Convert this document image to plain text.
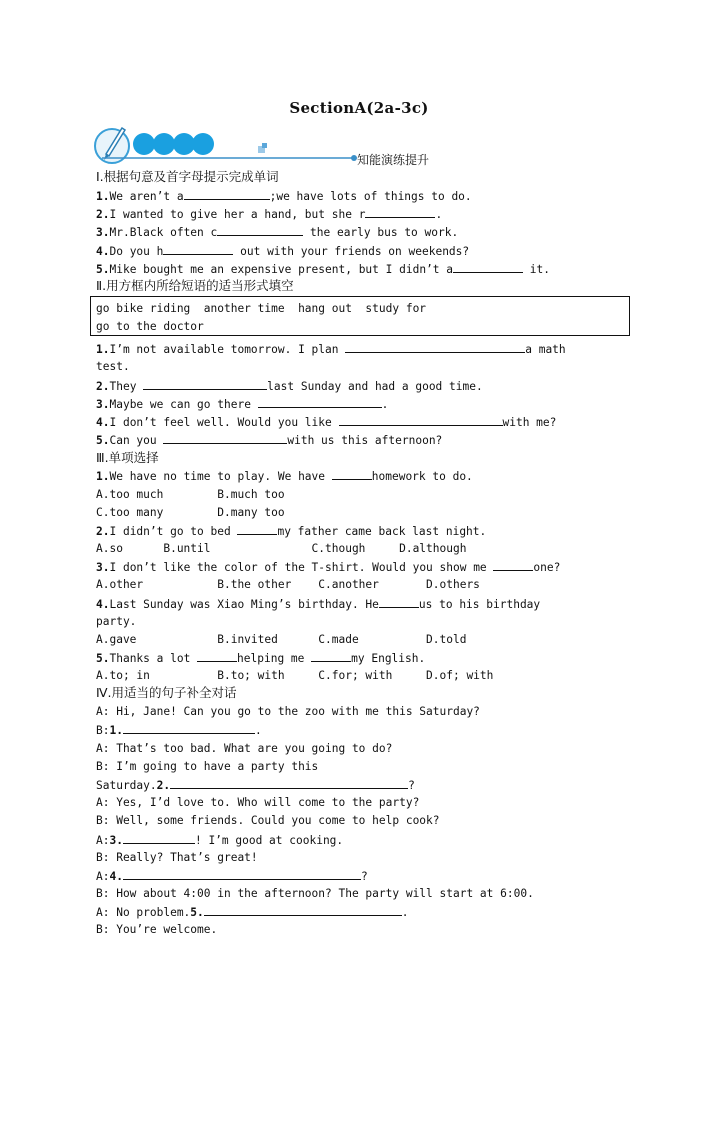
SectionA(2a-3c)
知能演练提升
Ⅰ.根据句意及首字母提示完成单词
1.We aren’t a	;we have lots of things to do.
2.I wanted to give her a hand, but she r	.
3.Mr.Black often c	the early bus to work.
4.Do you h	out with your friends on weekends?
5.Mike bought me an expensive present, but I didn’t a	it.
Ⅱ.用方框内所给短语的适当形式填空
go bike riding  another time  hang out  study for
go to the doctor
1.I’m not available tomorrow. I plan	a math
test.
2.They	last Sunday and had a good time.
3.Maybe we can go there	.
4.I don’t feel well. Would you like	with me?
5.Can you	with us this afternoon?
Ⅲ.单项选择
1.We have no time to play. We have	homework to do.
A.too much        B.much too
C.too many        D.many too
2.I didn’t go to bed	my father came back last night.
A.so      B.until               C.though     D.although
3.I don’t like the color of the T-shirt. Would you show me	one?
A.other           B.the other    C.another       D.others
4.Last Sunday was Xiao Ming’s birthday. He	us to his birthday
party.
A.gave            B.invited      C.made          D.told
5.Thanks a lot	helping me	my English.
A.to; in          B.to; with     C.for; with     D.of; with
Ⅳ.用适当的句子补全对话
A: Hi, Jane! Can you go to the zoo with me this Saturday?
B:1.	.
A: That’s too bad. What are you going to do?
B: I’m going to have a party this
Saturday.2.	?
A: Yes, I’d love to. Who will come to the party?
B: Well, some friends. Could you come to help cook?
A:3.	! I’m good at cooking.
B: Really? That’s great!
A:4.	?
B: How about 4:00 in the afternoon? The party will start at 6:00.
A: No problem.5.	.
B: You’re welcome.
